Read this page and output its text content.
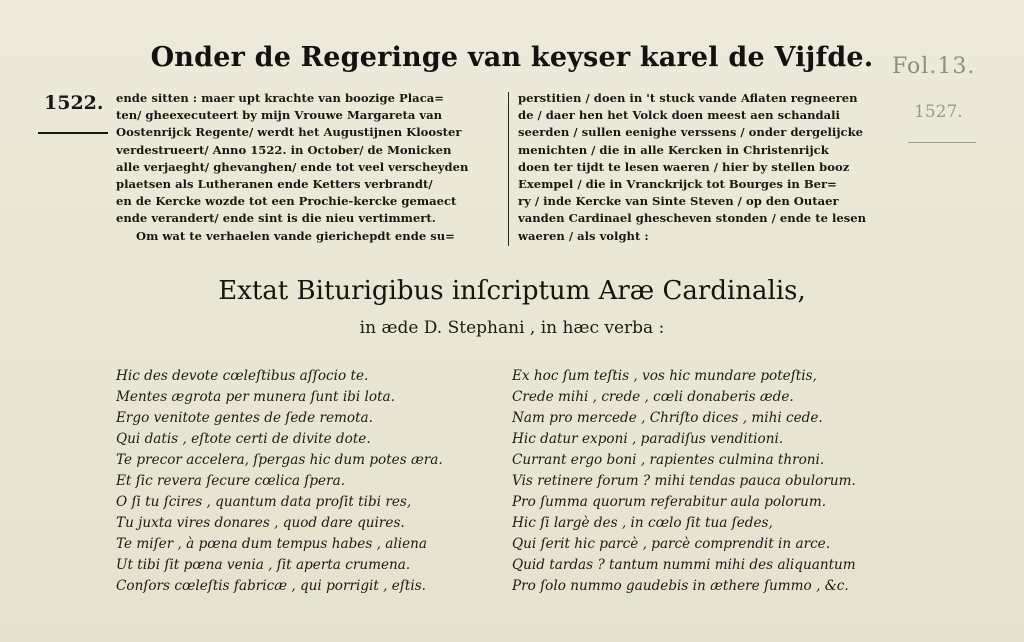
Onder de Regeringe van keyser karel de Vijfde. Fol.13.
1522.	1527.
ende sitten : maer upt krachte van boozige Placa=
ten/ gheexecuteert by mijn Vrouwe Margareta van
Oostenrijck Regente/ werdt het Augustijnen Klooster
verdestrueert/ Anno 1522. in October/ de Monicken
alle verjaeght/ ghevanghen/ ende tot veel verscheyden
plaetsen als Lutheranen ende Ketters verbrandt/
en de Kercke wozde tot een Prochie-kercke gemaect
ende verandert/ ende sint is die nieu vertimmert.
Om wat te verhaelen vande gierichepdt ende su=
perstitien / doen in 't stuck vande Aflaten regneeren
de / daer hen het Volck doen meest aen schandali
seerden / sullen eenighe verssens / onder dergelijcke
menichten / die in alle Kercken in Christenrijck
doen ter tijdt te lesen waeren / hier by stellen booz
Exempel / die in Vranckrijck tot Bourges in Ber=
ry / inde Kercke van Sinte Steven / op den Outaer
vanden Cardinael ghescheven stonden / ende te lesen
waeren / als volght :
Extat Biturigibus inſcriptum Aræ Cardinalis,
in æde D. Stephani , in hæc verba :
Hic des devote cœleſtibus aſſocio te.
Mentes ægrota per munera ſunt ibi lota.
Ergo venitote gentes de ſede remota.
Qui datis , eſtote certi de divite dote.
Te precor accelera, ſpergas hic dum potes æra.
Et ſic revera ſecure cœlica ſpera.
O ſi tu ſcires , quantum data proſit tibi res,
Tu juxta vires donares , quod dare quires.
Te miſer , à pœna dum tempus habes , aliena
Ut tibi ſit pœna venia , ſit aperta crumena.
Conſors cœleſtis fabricæ , qui porrigit , eſtis.
Ex hoc ſum teſtis , vos hic mundare poteſtis,
Crede mihi , crede , cœli donaberis æde.
Nam pro mercede , Chriſto dices , mihi cede.
Hic datur exponi , paradiſus venditioni.
Currant ergo boni , rapientes culmina throni.
Vis retinere forum ? mihi tendas pauca obulorum.
Pro ſumma quorum referabitur aula polorum.
Hic ſi largè des , in cœlo ſit tua ſedes,
Qui ſerit hic parcè , parcè comprendit in arce.
Quid tardas ? tantum nummi mihi des aliquantum
Pro ſolo nummo gaudebis in æthere ſummo , &c.
